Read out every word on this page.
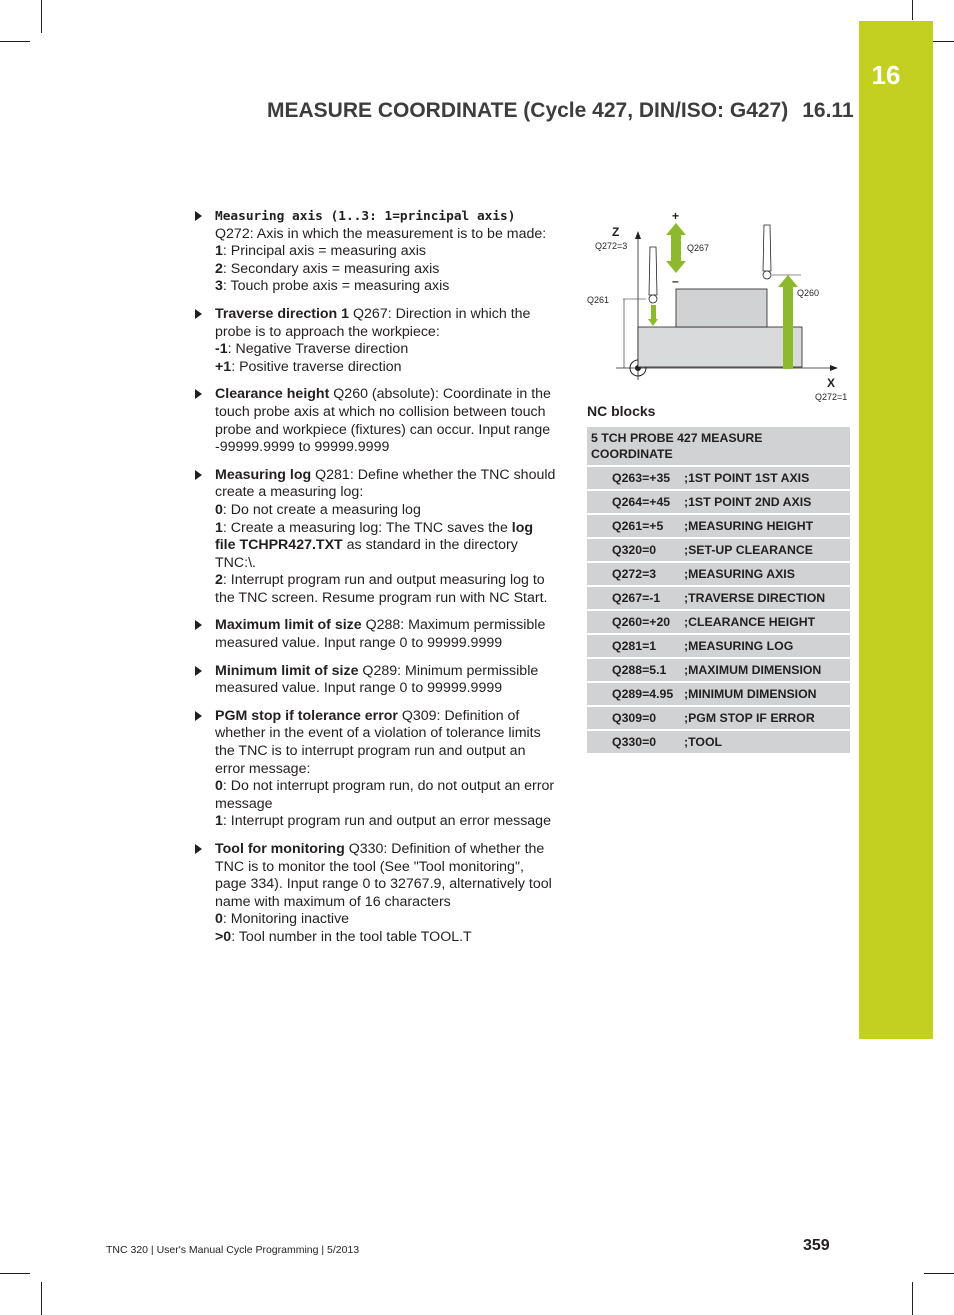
16
MEASURE COORDINATE (Cycle 427, DIN/ISO: G427) 16.11

Measuring axis (1..3: 1=principal axis) Q272: Axis in which the measurement is to be made:

1: Principal axis = measuring axis

2: Secondary axis = measuring axis

3: Touch probe axis = measuring axis

Traverse direction 1 Q267: Direction in which the probe is to approach the workpiece:

-1: Negative Traverse direction

+1: Positive traverse direction

Clearance height Q260 (absolute): Coordinate in the touch probe axis at which no collision between touch probe and workpiece (fixtures) can occur. Input range -99999.9999 to 99999.9999

Measuring log Q281: Define whether the TNC should create a measuring log:

0: Do not create a measuring log

1: Create a measuring log: The TNC saves the log file TCHPR427.TXT as standard in the directory TNC:\.

2: Interrupt program run and output measuring log to the TNC screen. Resume program run with NC Start.

Maximum limit of size Q288: Maximum permissible measured value. Input range 0 to 99999.9999

Minimum limit of size Q289: Minimum permissible measured value. Input range 0 to 99999.9999

PGM stop if tolerance error Q309: Definition of whether in the event of a violation of tolerance limits the TNC is to interrupt program run and output an error message:

0: Do not interrupt program run, do not output an error message

1: Interrupt program run and output an error message

Tool for monitoring Q330: Definition of whether the TNC is to monitor the tool (See "Tool monitoring", page 334). Input range 0 to 32767.9, alternatively tool name with maximum of 16 characters

0: Monitoring inactive

>0: Tool number in the tool table TOOL.T

Z
Q272=3
+
–
Q267
Q261
Q260
X
Q272=1
NC blocks
5 TCH PROBE 427 MEASURE COORDINATE	
Q263=+35	;1ST POINT 1ST AXIS
Q264=+45	;1ST POINT 2ND AXIS
Q261=+5	;MEASURING HEIGHT
Q320=0	;SET-UP CLEARANCE
Q272=3	;MEASURING AXIS
Q267=-1	;TRAVERSE DIRECTION
Q260=+20	;CLEARANCE HEIGHT
Q281=1	;MEASURING LOG
Q288=5.1	;MAXIMUM DIMENSION
Q289=4.95	;MINIMUM DIMENSION
Q309=0	;PGM STOP IF ERROR
Q330=0	;TOOL
TNC 320 | User's Manual Cycle Programming | 5/2013	359
